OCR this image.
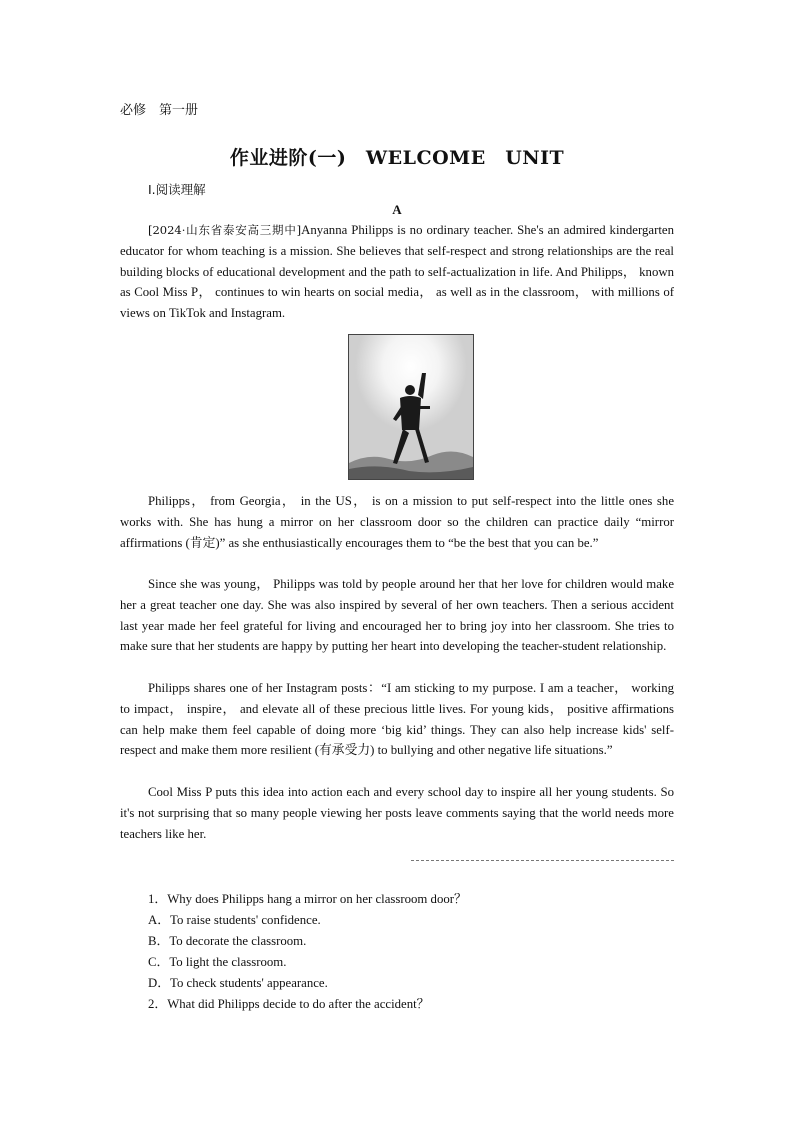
必修　第一册
作业进阶(一)　WELCOME　UNIT
Ⅰ.阅读理解
A

[2024·山东省泰安高三期中]Anyanna Philipps is no ordinary teacher. She's an admired kindergarten educator for whom teaching is a mission. She believes that self-respect and strong relationships are the real building blocks of educational development and the path to self-actualization in life. And Philipps， known as Cool Miss P， continues to win hearts on social media， as well as in the classroom， with millions of views on TikTok and Instagram.

Philipps， from Georgia， in the US， is on a mission to put self-respect into the little ones she works with. She has hung a mirror on her classroom door so the children can practice daily “mirror affirmations (肯定)” as she enthusiastically encourages them to “be the best that you can be.”

Since she was young， Philipps was told by people around her that her love for children would make her a great teacher one day. She was also inspired by several of her own teachers. Then a serious accident last year made her feel grateful for living and encouraged her to bring joy into her classroom. She tries to make sure that her students are happy by putting her heart into developing the teacher-student relationship.

Philipps shares one of her Instagram posts：“I am sticking to my purpose. I am a teacher， working to impact， inspire， and elevate all of these precious little lives. For young kids， positive affirmations can help make them feel capable of doing more ‘big kid’ things. They can also help increase kids' self-respect and make them more resilient (有承受力) to bullying and other negative life situations.”

Cool Miss P puts this idea into action each and every school day to inspire all her young students. So it's not surprising that so many people viewing her posts leave comments saying that the world needs more teachers like her.

1．Why does Philipps hang a mirror on her classroom door？
A．To raise students' confidence.
B．To decorate the classroom.
C．To light the classroom.
D．To check students' appearance.
2．What did Philipps decide to do after the accident？
